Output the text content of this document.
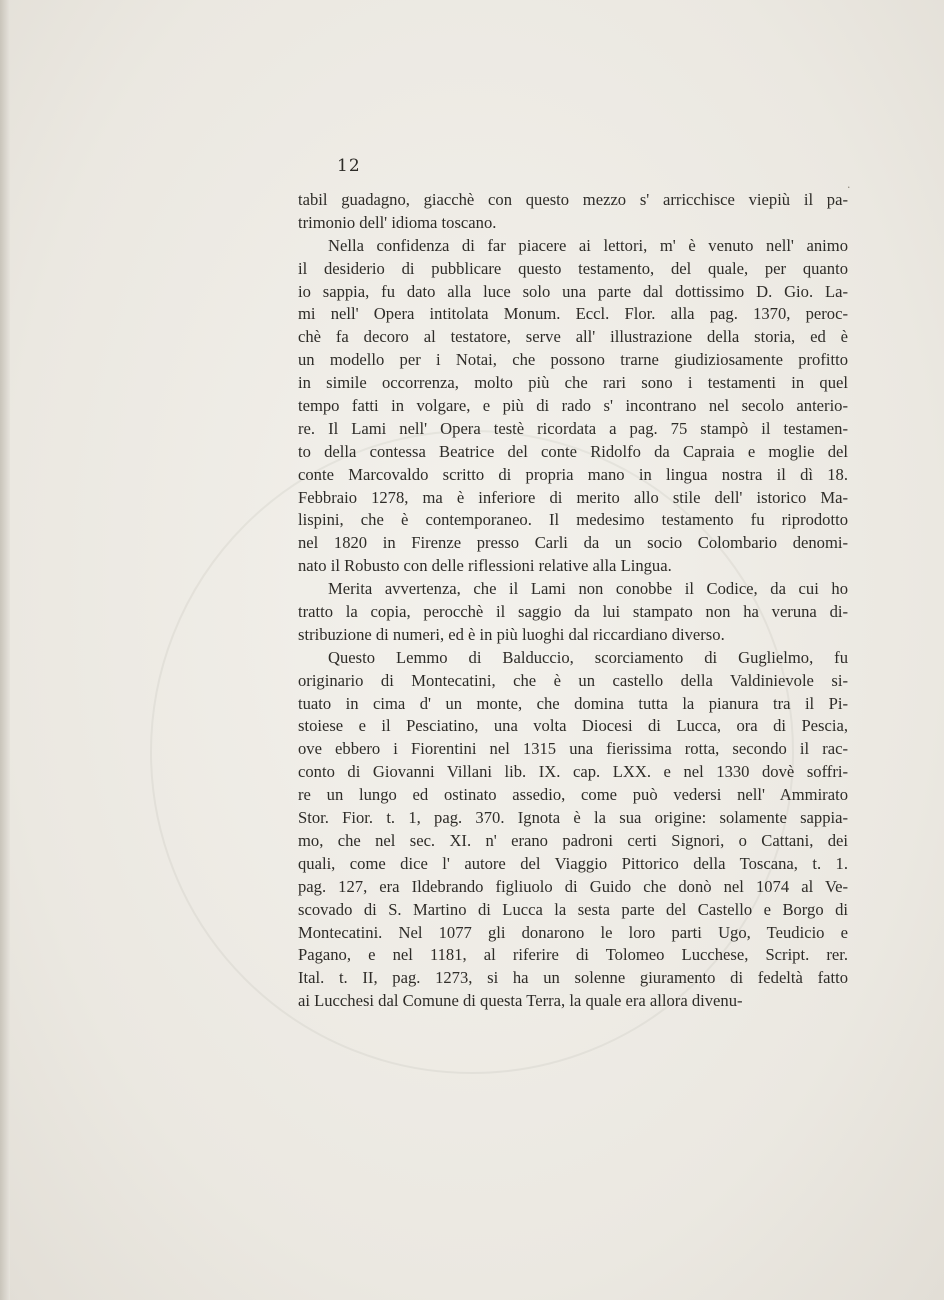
12
·
tabil guadagno, giacchè con questo mezzo s' arricchisce viepiù il pa-
trimonio dell' idioma toscano.
Nella confidenza di far piacere ai lettori, m' è venuto nell' animo
il desiderio di pubblicare questo testamento, del quale, per quanto
io sappia, fu dato alla luce solo una parte dal dottissimo D. Gio. La-
mi nell' Opera intitolata Monum. Eccl. Flor. alla pag. 1370, peroc-
chè fa decoro al testatore, serve all' illustrazione della storia, ed è
un modello per i Notai, che possono trarne giudiziosamente profitto
in simile occorrenza, molto più che rari sono i testamenti in quel
tempo fatti in volgare, e più di rado s' incontrano nel secolo anterio-
re. Il Lami nell' Opera testè ricordata a pag. 75 stampò il testamen-
to della contessa Beatrice del conte Ridolfo da Capraia e moglie del
conte Marcovaldo scritto di propria mano in lingua nostra il dì 18.
Febbraio 1278, ma è inferiore di merito allo stile dell' istorico Ma-
lispini, che è contemporaneo. Il medesimo testamento fu riprodotto
nel 1820 in Firenze presso Carli da un socio Colombario denomi-
nato il Robusto con delle riflessioni relative alla Lingua.
Merita avvertenza, che il Lami non conobbe il Codice, da cui ho
tratto la copia, perocchè il saggio da lui stampato non ha veruna di-
stribuzione di numeri, ed è in più luoghi dal riccardiano diverso.
Questo Lemmo di Balduccio, scorciamento di Guglielmo, fu
originario di Montecatini, che è un castello della Valdinievole si-
tuato in cima d' un monte, che domina tutta la pianura tra il Pi-
stoiese e il Pesciatino, una volta Diocesi di Lucca, ora di Pescia,
ove ebbero i Fiorentini nel 1315 una fierissima rotta, secondo il rac-
conto di Giovanni Villani lib. IX. cap. LXX. e nel 1330 dovè soffri-
re un lungo ed ostinato assedio, come può vedersi nell' Ammirato
Stor. Fior. t. 1, pag. 370. Ignota è la sua origine: solamente sappia-
mo, che nel sec. XI. n' erano padroni certi Signori, o Cattani, dei
quali, come dice l' autore del Viaggio Pittorico della Toscana, t. 1.
pag. 127, era Ildebrando figliuolo di Guido che donò nel 1074 al Ve-
scovado di S. Martino di Lucca la sesta parte del Castello e Borgo di
Montecatini. Nel 1077 gli donarono le loro parti Ugo, Teudicio e
Pagano, e nel 1181, al riferire di Tolomeo Lucchese, Script. rer.
Ital. t. II, pag. 1273, si ha un solenne giuramento di fedeltà fatto
ai Lucchesi dal Comune di questa Terra, la quale era allora divenu-
